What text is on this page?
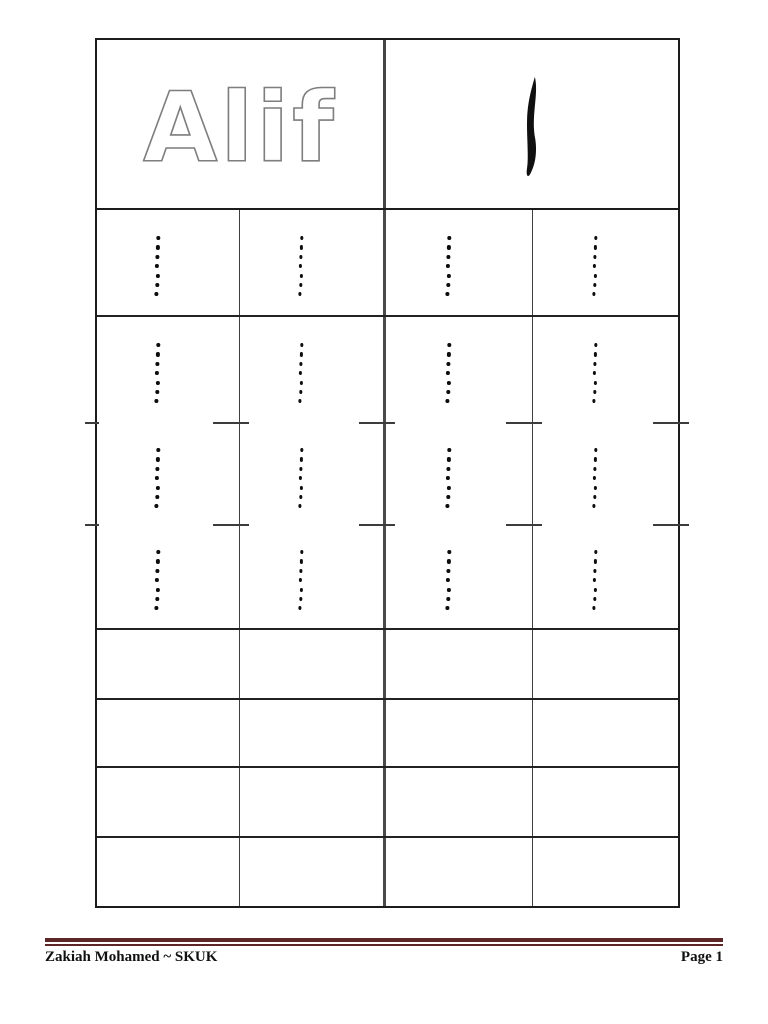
Alif
Zakiah Mohamed ~ SKUK	Page 1
